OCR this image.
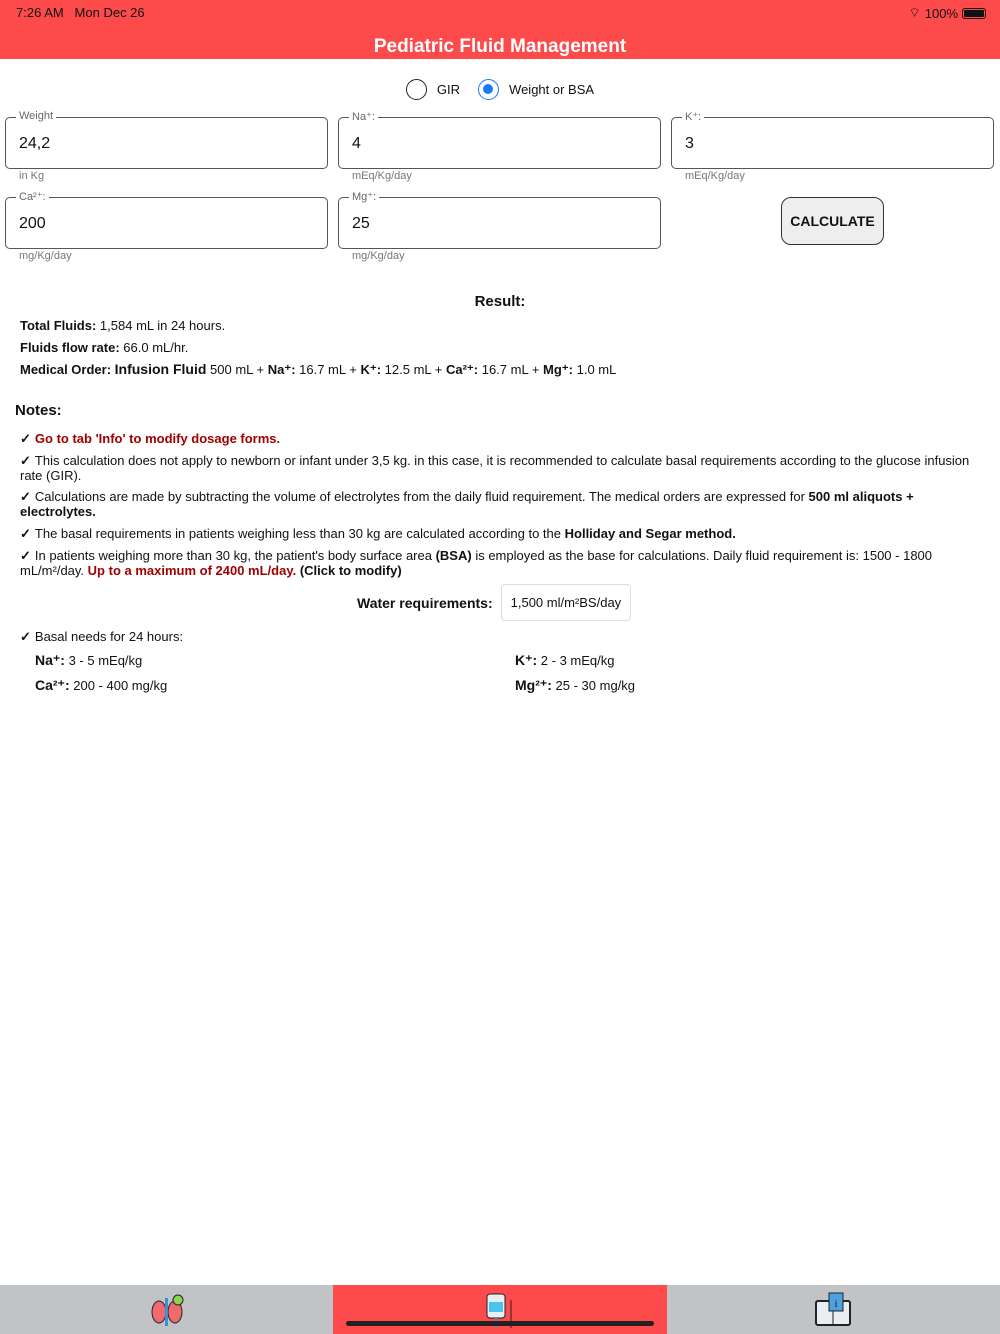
7:26 AM Mon Dec 26	⌔ 100%
Pediatric Fluid Management
GIR	Weight or BSA
Weight
24,2
in Kg
Na⁺:
4
mEq/Kg/day
K⁺:
3
mEq/Kg/day
Ca²⁺:
200
mg/Kg/day
Mg⁺:
25
mg/Kg/day
CALCULATE
Result:
Total Fluids: 1,584 mL in 24 hours.
Fluids flow rate: 66.0 mL/hr.
Medical Order: Infusion Fluid 500 mL + Na⁺: 16.7 mL + K⁺: 12.5 mL + Ca²⁺: 16.7 mL + Mg⁺: 1.0 mL
Notes:
✓ Go to tab 'Info' to modify dosage forms.
✓ This calculation does not apply to newborn or infant under 3,5 kg. in this case, it is recommended to calculate basal requirements according to the glucose infusion rate (GIR).
✓ Calculations are made by subtracting the volume of electrolytes from the daily fluid requirement. The medical orders are expressed for 500 ml aliquots + electrolytes.
✓ The basal requirements in patients weighing less than 30 kg are calculated according to the Holliday and Segar method.
✓ In patients weighing more than 30 kg, the patient's body surface area (BSA) is employed as the base for calculations. Daily fluid requirement is: 1500 - 1800 mL/m²/day. Up to a maximum of 2400 mL/day. (Click to modify)
Water requirements:	1,500 ml/m²BS/day
✓ Basal needs for 24 hours:
Na⁺: 3 - 5 mEq/kg	K⁺: 2 - 3 mEq/kg
Ca²⁺: 200 - 400 mg/kg	Mg²⁺: 25 - 30 mg/kg
i
